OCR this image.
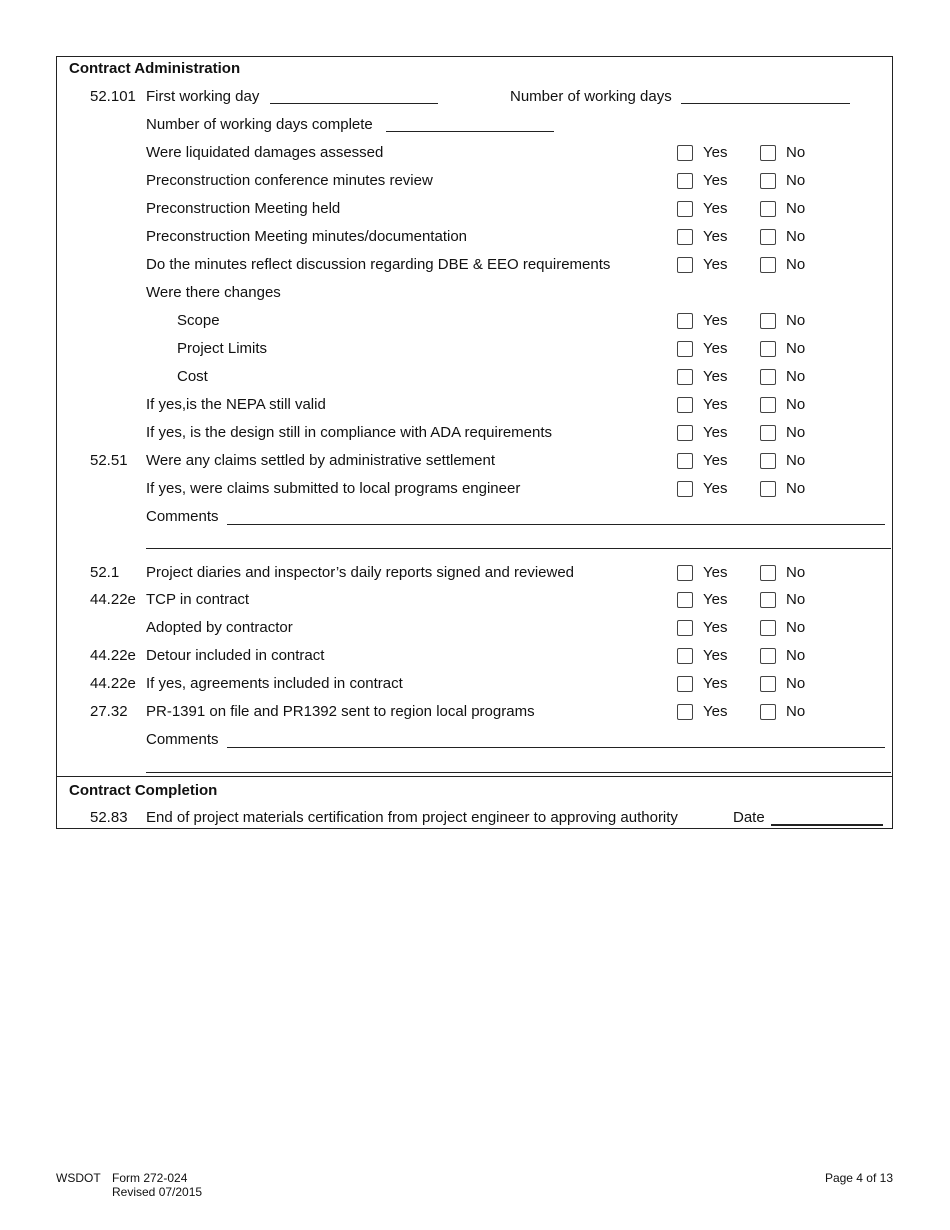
Contract Administration
52.101 First working day	Number of working days
Number of working days complete
Were liquidated damages assessed	Yes	No
Preconstruction conference minutes review	Yes	No
Preconstruction Meeting held	Yes	No
Preconstruction Meeting minutes/documentation	Yes	No
Do the minutes reflect discussion regarding DBE & EEO requirements	Yes	No
Were there changes
Scope	Yes	No
Project Limits	Yes	No
Cost	Yes	No
If yes,is the NEPA still valid	Yes	No
If yes, is the design still in compliance with ADA requirements	Yes	No
52.51 Were any claims settled by administrative settlement	Yes	No
If yes, were claims submitted to local programs engineer	Yes	No
Comments
52.1 Project diaries and inspector’s daily reports signed and reviewed	Yes	No
44.22e TCP in contract	Yes	No
Adopted by contractor	Yes	No
44.22e Detour included in contract	Yes	No
44.22e If yes, agreements included in contract	Yes	No
27.32 PR-1391 on file and PR1392 sent to region local programs	Yes	No
Comments
Contract Completion
52.83 End of project materials certification from project engineer to approving authority	Date
WSDOT Form 272-024
Revised 07/2015
Page 4 of 13
